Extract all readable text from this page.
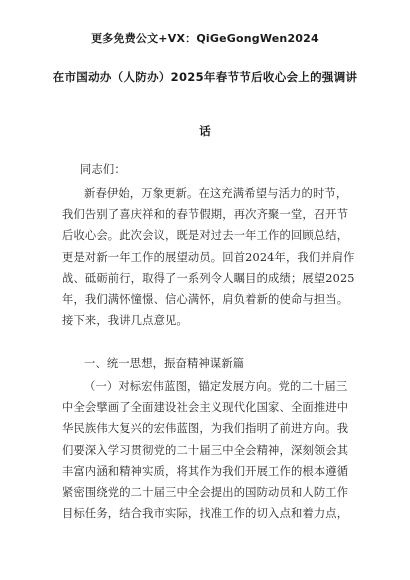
更多免费公文+VX：QiGeGongWen2024
在市国动办（人防办）2025年春节节后收心会上的强调讲
话
同志们：
新春伊始，万象更新。在这充满希望与活力的时节，
我们告别了喜庆祥和的春节假期，再次齐聚一堂，召开节
后收心会。此次会议，既是对过去一年工作的回顾总结，
更是对新一年工作的展望动员。回首2024年，我们并肩作
战、砥砺前行，取得了一系列令人瞩目的成绩；展望2025
年，我们满怀憧憬、信心满怀，肩负着新的使命与担当。
接下来，我讲几点意见。
一、统一思想，振奋精神谋新篇
（一）对标宏伟蓝图，锚定发展方向。党的二十届三
中全会擘画了全面建设社会主义现代化国家、全面推进中
华民族伟大复兴的宏伟蓝图，为我们指明了前进方向。我
们要深入学习贯彻党的二十届三中全会精神，深刻领会其
丰富内涵和精神实质，将其作为我们开展工作的根本遵循
紧密围绕党的二十届三中全会提出的国防动员和人防工作
目标任务，结合我市实际，找准工作的切入点和着力点，
